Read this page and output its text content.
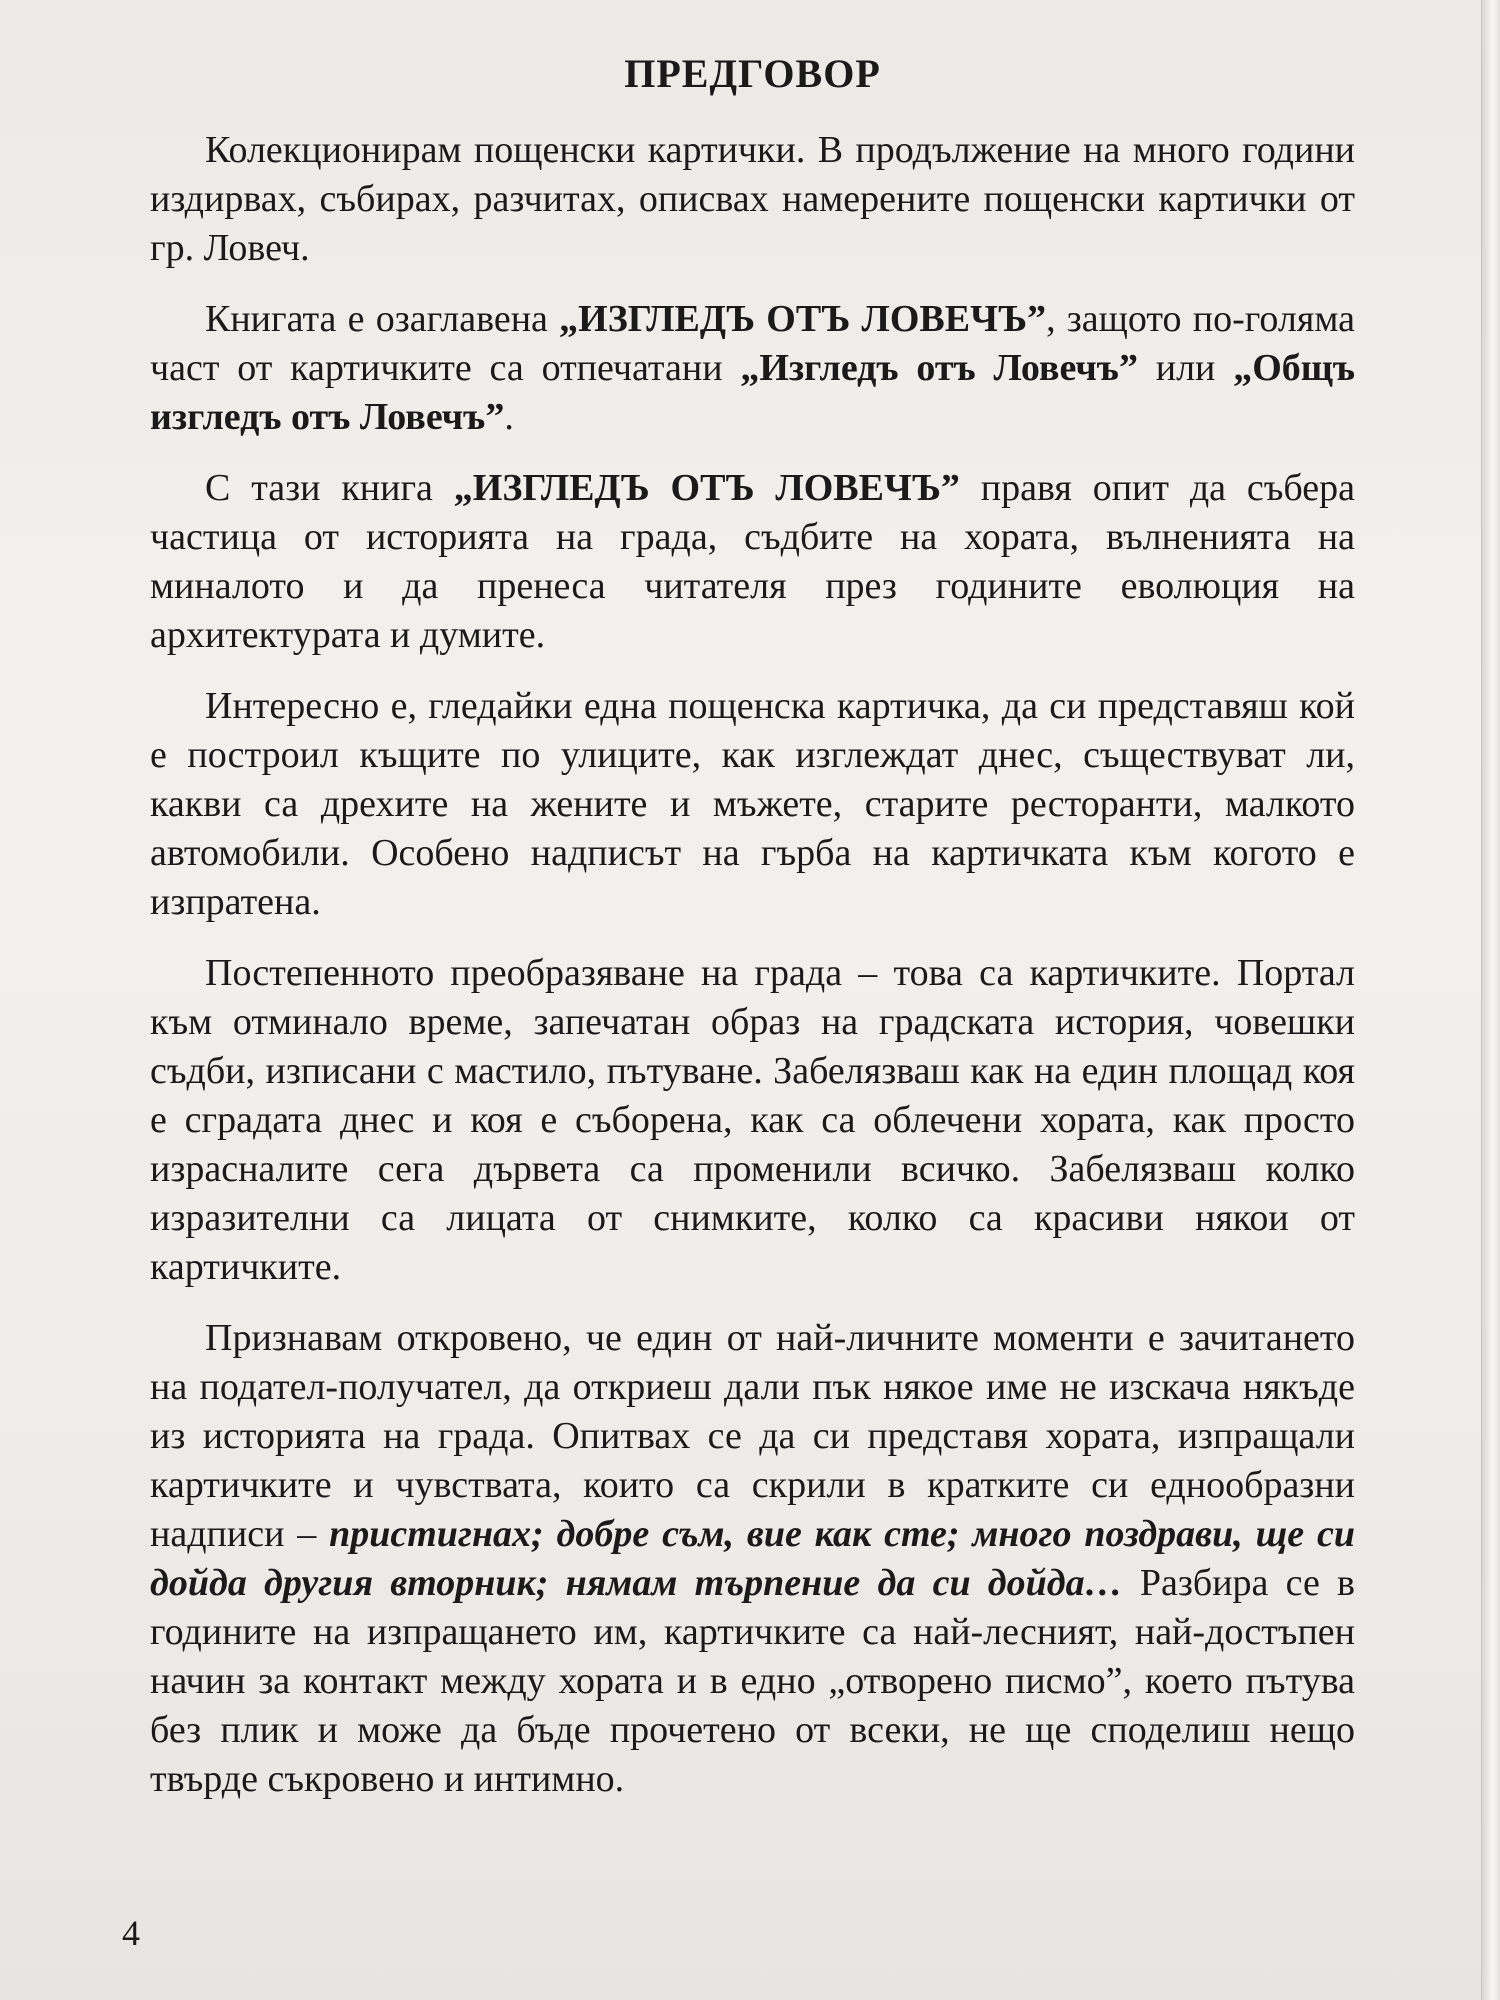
ПРЕДГОВОР

Колекционирам пощенски картички. В продължение на много години издирвах, събирах, разчитах, описвах намерените пощенски картички от гр. Ловеч.

Книгата е озаглавена „ИЗГЛЕДЪ ОТЪ ЛОВЕЧЪ”, защото по-голяма част от картичките са отпечатани „Изгледъ отъ Ловечъ” или „Общъ изгледъ отъ Ловечъ”.

С тази книга „ИЗГЛЕДЪ ОТЪ ЛОВЕЧЪ” правя опит да събера частица от историята на града, съдбите на хората, вълненията на миналото и да пренеса читателя през годините еволюция на архитектурата и думите.

Интересно е, гледайки една пощенска картичка, да си представяш кой е построил къщите по улиците, как изглеждат днес, съществуват ли, какви са дрехите на жените и мъжете, старите ресторанти, малкото автомобили. Особено надписът на гърба на картичката към когото е изпратена.

Постепенното преобразяване на града – това са картичките. Портал към отминало време, запечатан образ на градската история, човешки съдби, изписани с мастило, пътуване. Забелязваш как на един площад коя е сградата днес и коя е съборена, как са облечени хората, как просто израсналите сега дървета са променили всичко. Забелязваш колко изразителни са лицата от снимките, колко са красиви някои от картичките.

Признавам откровено, че един от най-личните моменти е зачитането на подател-получател, да откриеш дали пък някое име не изскача някъде из историята на града. Опитвах се да си представя хората, изпращали картичките и чувствата, които са скрили в кратките си еднообразни надписи – пристигнах; добре съм, вие как сте; много поздрави, ще си дойда другия вторник; нямам търпение да си дойда… Разбира се в годините на изпращането им, картичките са най-лесният, най-достъпен начин за контакт между хората и в едно „отворено писмо”, което пътува без плик и може да бъде прочетено от всеки, не ще споделиш нещо твърде съкровено и интимно.

4
